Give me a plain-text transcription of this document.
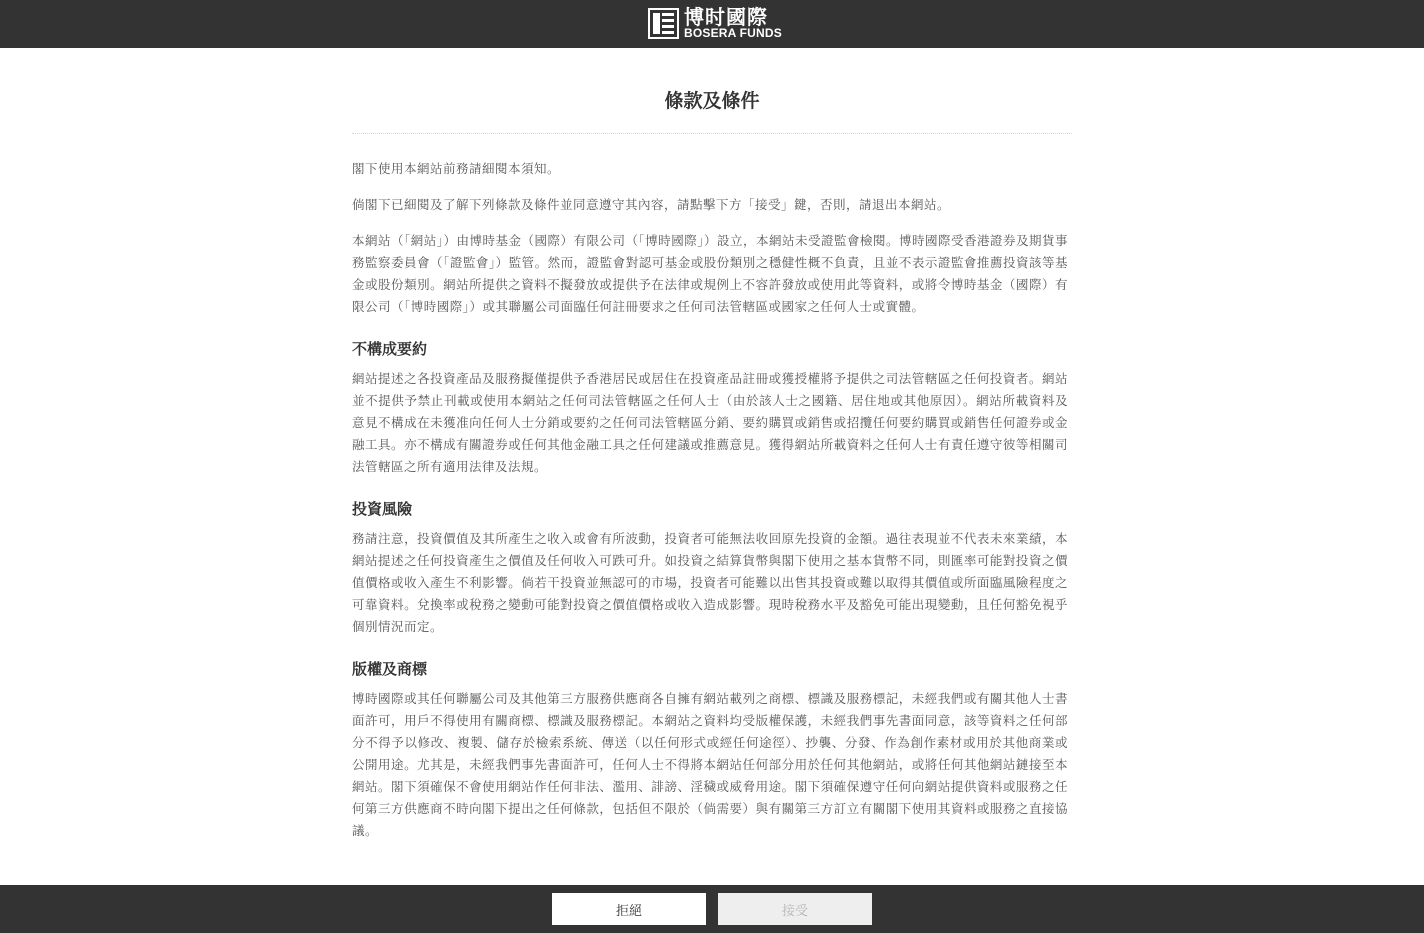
博时國際
BOSERA FUNDS
條款及條件

閣下使用本網站前務請細閱本須知。

倘閣下已細閱及了解下列條款及條件並同意遵守其內容，請點擊下方「接受」鍵，否則，請退出本網站。

本網站（「網站」）由博時基金（國際）有限公司（「博時國際」）設立，本網站未受證監會檢閱。博時國際受香港證券及期貨事務監察委員會（「證監會」）監管。然而，證監會對認可基金或股份類別之穩健性概不負責，且並不表示證監會推薦投資該等基金或股份類別。網站所提供之資料不擬發放或提供予在法律或規例上不容許發放或使用此等資料，或將令博時基金（國際）有限公司（「博時國際」）或其聯屬公司面臨任何註冊要求之任何司法管轄區或國家之任何人士或實體。

不構成要約

網站提述之各投資產品及服務擬僅提供予香港居民或居住在投資產品註冊或獲授權將予提供之司法管轄區之任何投資者。網站並不提供予禁止刊載或使用本網站之任何司法管轄區之任何人士（由於該人士之國籍、居住地或其他原因）。網站所載資料及意見不構成在未獲准向任何人士分銷或要約之任何司法管轄區分銷、要約購買或銷售或招攬任何要約購買或銷售任何證券或金融工具。亦不構成有關證券或任何其他金融工具之任何建議或推薦意見。獲得網站所載資料之任何人士有責任遵守彼等相關司法管轄區之所有適用法律及法規。

投資風險

務請注意，投資價值及其所產生之收入或會有所波動，投資者可能無法收回原先投資的金額。過往表現並不代表未來業績，本網站提述之任何投資產生之價值及任何收入可跌可升。如投資之結算貨幣與閣下使用之基本貨幣不同，則匯率可能對投資之價值價格或收入產生不利影響。倘若干投資並無認可的市場，投資者可能難以出售其投資或難以取得其價值或所面臨風險程度之可靠資料。兌換率或稅務之變動可能對投資之價值價格或收入造成影響。現時稅務水平及豁免可能出現變動，且任何豁免視乎個別情況而定。

版權及商標

博時國際或其任何聯屬公司及其他第三方服務供應商各自擁有網站載列之商標、標識及服務標記，未經我們或有關其他人士書面許可，用戶不得使用有關商標、標識及服務標記。本網站之資料均受版權保護，未經我們事先書面同意，該等資料之任何部分不得予以修改、複製、儲存於檢索系統、傳送（以任何形式或經任何途徑）、抄襲、分發、作為創作素材或用於其他商業或公開用途。尤其是，未經我們事先書面許可，任何人士不得將本網站任何部分用於任何其他網站，或將任何其他網站鏈接至本網站。閣下須確保不會使用網站作任何非法、濫用、誹謗、淫穢或威脅用途。閣下須確保遵守任何向網站提供資料或服務之任何第三方供應商不時向閣下提出之任何條款，包括但不限於（倘需要）與有關第三方訂立有關閣下使用其資料或服務之直接協議。

拒絕	接受
